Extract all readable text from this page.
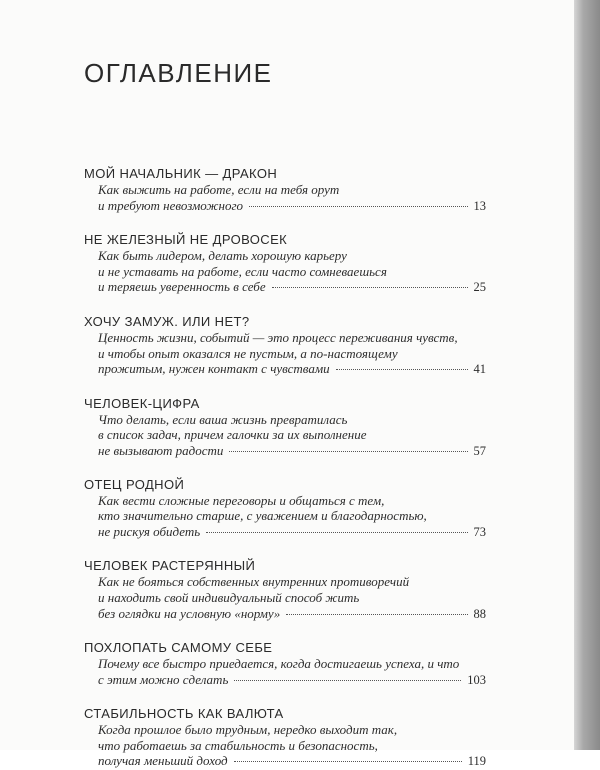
ОГЛАВЛЕНИЕ
МОЙ НАЧАЛЬНИК — ДРАКОН
Как выжить на работе, если на тебя орут
и требуют невозможного	13
НЕ ЖЕЛЕЗНЫЙ НЕ ДРОВОСЕК
Как быть лидером, делать хорошую карьеру
и не уставать на работе, если часто сомневаешься
и теряешь уверенность в себе	25
ХОЧУ ЗАМУЖ. ИЛИ НЕТ?
Ценность жизни, событий — это процесс переживания чувств,
и чтобы опыт оказался не пустым, а по-настоящему
прожитым, нужен контакт с чувствами	41
ЧЕЛОВЕК-ЦИФРА
Что делать, если ваша жизнь превратилась
в список задач, причем галочки за их выполнение
не вызывают радости	57
ОТЕЦ РОДНОЙ
Как вести сложные переговоры и общаться с тем,
кто значительно старше, с уважением и благодарностью,
не рискуя обидеть	73
ЧЕЛОВЕК РАСТЕРЯННЫЙ
Как не бояться собственных внутренних противоречий
и находить свой индивидуальный способ жить
без оглядки на условную «норму»	88
ПОХЛОПАТЬ САМОМУ СЕБЕ
Почему все быстро приедается, когда достигаешь успеха, и что
с этим можно сделать	103
СТАБИЛЬНОСТЬ КАК ВАЛЮТА
Когда прошлое было трудным, нередко выходит так,
что работаешь за стабильность и безопасность,
получая меньший доход	119
